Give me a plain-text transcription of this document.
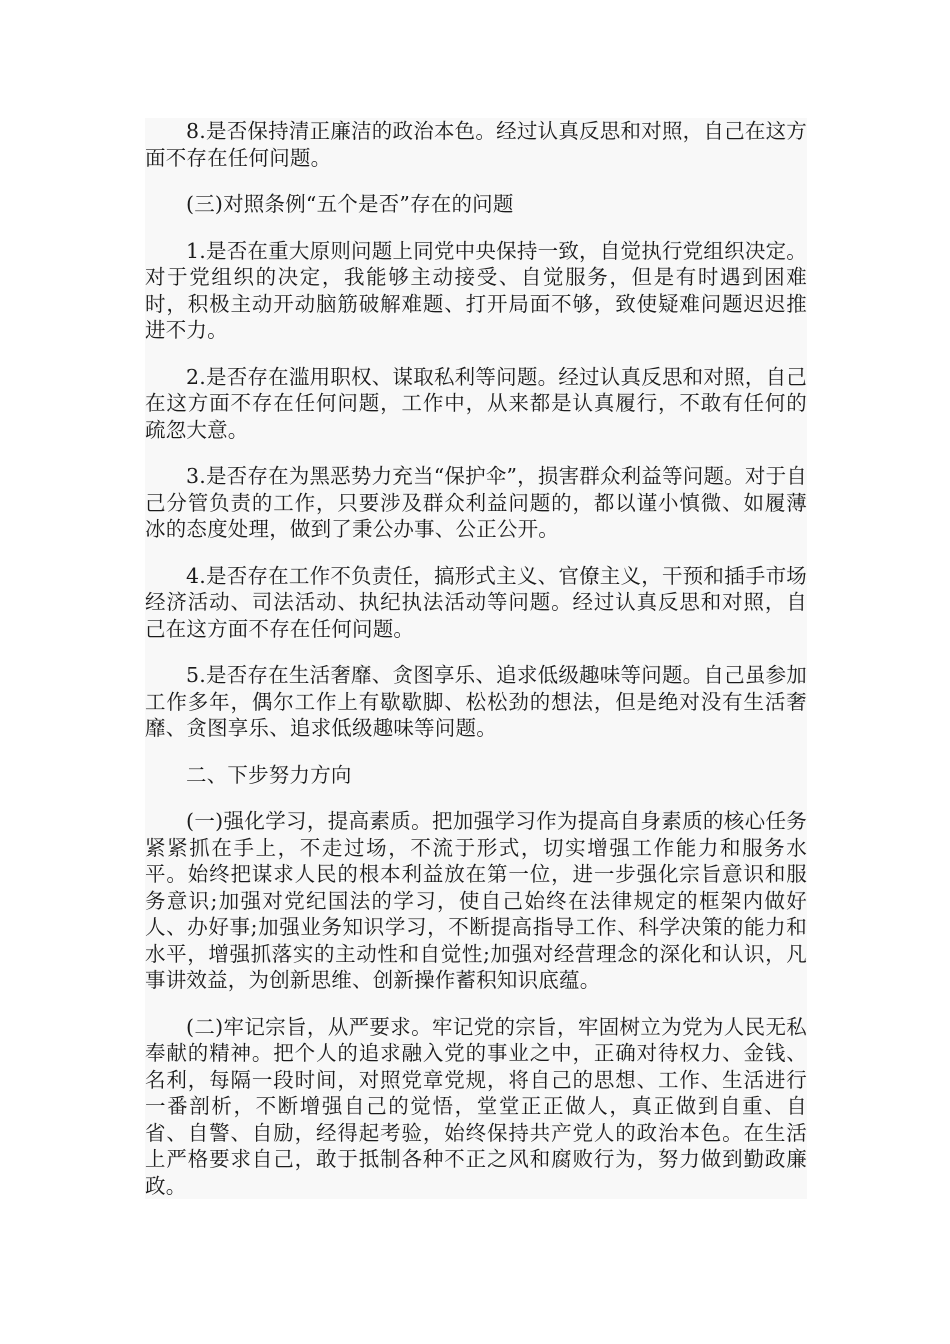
8.是否保持清正廉洁的政治本色。经过认真反思和对照，自己在这方面不存在任何问题。

(三)对照条例“五个是否”存在的问题

1.是否在重大原则问题上同党中央保持一致，自觉执行党组织决定。对于党组织的决定，我能够主动接受、自觉服务，但是有时遇到困难时，积极主动开动脑筋破解难题、打开局面不够，致使疑难问题迟迟推进不力。

2.是否存在滥用职权、谋取私利等问题。经过认真反思和对照，自己在这方面不存在任何问题，工作中，从来都是认真履行，不敢有任何的疏忽大意。

3.是否存在为黑恶势力充当“保护伞”，损害群众利益等问题。对于自己分管负责的工作，只要涉及群众利益问题的，都以谨小慎微、如履薄冰的态度处理，做到了秉公办事、公正公开。

4.是否存在工作不负责任，搞形式主义、官僚主义，干预和插手市场经济活动、司法活动、执纪执法活动等问题。经过认真反思和对照，自己在这方面不存在任何问题。

5.是否存在生活奢靡、贪图享乐、追求低级趣味等问题。自己虽参加工作多年，偶尔工作上有歇歇脚、松松劲的想法，但是绝对没有生活奢靡、贪图享乐、追求低级趣味等问题。

二、下步努力方向

(一)强化学习，提高素质。把加强学习作为提高自身素质的核心任务紧紧抓在手上，不走过场，不流于形式，切实增强工作能力和服务水平。始终把谋求人民的根本利益放在第一位，进一步强化宗旨意识和服务意识;加强对党纪国法的学习，使自己始终在法律规定的框架内做好人、办好事;加强业务知识学习，不断提高指导工作、科学决策的能力和水平，增强抓落实的主动性和自觉性;加强对经营理念的深化和认识，凡事讲效益，为创新思维、创新操作蓄积知识底蕴。

(二)牢记宗旨，从严要求。牢记党的宗旨，牢固树立为党为人民无私奉献的精神。把个人的追求融入党的事业之中，正确对待权力、金钱、名利，每隔一段时间，对照党章党规，将自己的思想、工作、生活进行一番剖析，不断增强自己的觉悟，堂堂正正做人，真正做到自重、自省、自警、自励，经得起考验，始终保持共产党人的政治本色。在生活上严格要求自己，敢于抵制各种不正之风和腐败行为，努力做到勤政廉政。
